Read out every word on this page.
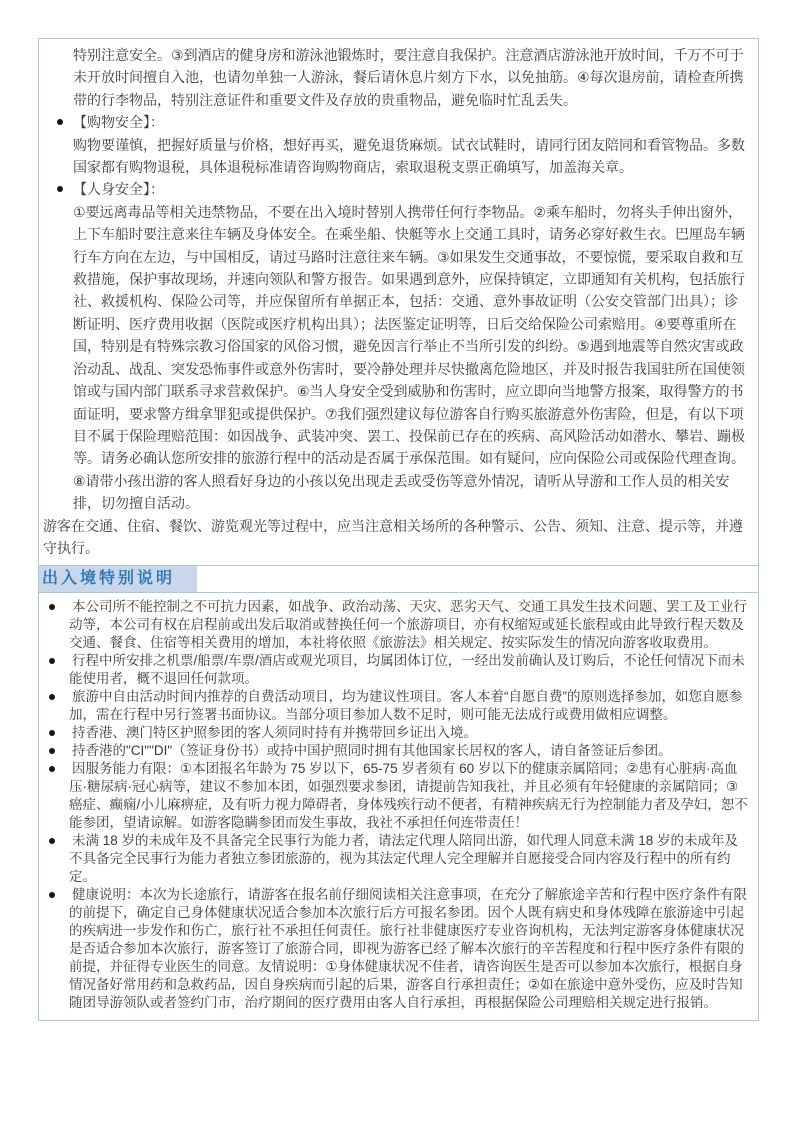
特别注意安全。③到酒店的健身房和游泳池锻炼时，要注意自我保护。注意酒店游泳池开放时间，千万不可于未开放时间擅自入池，也请勿单独一人游泳，餐后请休息片刻方下水，以免抽筋。④每次退房前，请检查所携带的行李物品，特别注意证件和重要文件及存放的贵重物品，避免临时忙乱丢失。

【购物安全】：

购物要谨慎，把握好质量与价格，想好再买，避免退货麻烦。试衣试鞋时，请同行团友陪同和看管物品。多数国家都有购物退税，具体退税标准请咨询购物商店，索取退税支票正确填写，加盖海关章。

【人身安全】：

①要远离毒品等相关违禁物品，不要在出入境时替别人携带任何行李物品。②乘车船时，勿将头手伸出窗外，上下车船时要注意来往车辆及身体安全。在乘坐船、快艇等水上交通工具时，请务必穿好救生衣。巴厘岛车辆行车方向在左边，与中国相反，请过马路时注意往来车辆。③如果发生交通事故，不要惊慌，要采取自救和互救措施，保护事故现场，并速向领队和警方报告。如果遇到意外，应保持镇定，立即通知有关机构，包括旅行社、救援机构、保险公司等，并应保留所有单据正本，包括：交通、意外事故证明（公安交管部门出具）；诊断证明、医疗费用收据（医院或医疗机构出具）；法医鉴定证明等，日后交给保险公司索赔用。④要尊重所在国，特别是有特殊宗教习俗国家的风俗习惯，避免因言行举止不当所引发的纠纷。⑤遇到地震等自然灾害或政治动乱、战乱、突发恐怖事件或意外伤害时，要冷静处理并尽快撤离危险地区，并及时报告我国驻所在国使领馆或与国内部门联系寻求营救保护。⑥当人身安全受到威胁和伤害时，应立即向当地警方报案，取得警方的书面证明，要求警方缉拿罪犯或提供保护。⑦我们强烈建议每位游客自行购买旅游意外伤害险，但是，有以下项目不属于保险理赔范围：如因战争、武装冲突、罢工、投保前已存在的疾病、高风险活动如潜水、攀岩、蹦极等。请务必确认您所安排的旅游行程中的活动是否属于承保范围。如有疑问，应向保险公司或保险代理查询。⑧请带小孩出游的客人照看好身边的小孩以免出现走丢或受伤等意外情况，请听从导游和工作人员的相关安排，切勿擅自活动。

游客在交通、住宿、餐饮、游览观光等过程中，应当注意相关场所的各种警示、公告、须知、注意、提示等，并遵守执行。

出入境特别说明

本公司所不能控制之不可抗力因素，如战争、政治动荡、天灾、恶劣天气、交通工具发生技术问题、罢工及工业行动等，本公司有权在启程前或出发后取消或替换任何一个旅游项目，亦有权缩短或延长旅程或由此导致行程天数及交通、餐食、住宿等相关费用的增加，本社将依照《旅游法》相关规定、按实际发生的情况向游客收取费用。

行程中所安排之机票/船票/车票/酒店或观光项目，均属团体订位，一经出发前确认及订购后，不论任何情况下而未能使用者，概不退回任何款项。

旅游中自由活动时间内推荐的自费活动项目，均为建议性项目。客人本着“自愿自费”的原则选择参加，如您自愿参加，需在行程中另行签署书面协议。当部分项目参加人数不足时，则可能无法成行或费用做相应调整。

持香港、澳门特区护照参团的客人须同时持有并携带回乡证出入境。

持香港的"CI""DI"（签证身份书）或持中国护照同时拥有其他国家长居权的客人，请自备签证后参团。

因服务能力有限：①本团报名年龄为 75 岁以下，65-75 岁者须有 60 岁以下的健康亲属陪同；②患有心脏病·高血压·糖尿病·冠心病等，建议不参加本团，如强烈要求参团，请提前告知我社，并且必须有年轻健康的亲属陪同；③癌症、癫痫/小儿麻痹症，及有听力视力障碍者，身体残疾行动不便者，有精神疾病无行为控制能力者及孕妇，恕不能参团，望请谅解。如游客隐瞒参团而发生事故，我社不承担任何连带责任！

未满 18 岁的未成年及不具备完全民事行为能力者，请法定代理人陪同出游，如代理人同意未满 18 岁的未成年及不具备完全民事行为能力者独立参团旅游的，视为其法定代理人完全理解并自愿接受合同内容及行程中的所有约定。

健康说明：本次为长途旅行，请游客在报名前仔细阅读相关注意事项，在充分了解旅途辛苦和行程中医疗条件有限的前提下，确定自己身体健康状况适合参加本次旅行后方可报名参团。因个人既有病史和身体残障在旅游途中引起的疾病进一步发作和伤亡，旅行社不承担任何责任。旅行社非健康医疗专业咨询机构，无法判定游客身体健康状况是否适合参加本次旅行，游客签订了旅游合同，即视为游客已经了解本次旅行的辛苦程度和行程中医疗条件有限的前提，并征得专业医生的同意。友情说明：①身体健康状况不佳者，请咨询医生是否可以参加本次旅行，根据自身情况备好常用药和急救药品，因自身疾病而引起的后果，游客自行承担责任；②如在旅途中意外受伤，应及时告知随团导游领队或者签约门市，治疗期间的医疗费用由客人自行承担，再根据保险公司理赔相关规定进行报销。
